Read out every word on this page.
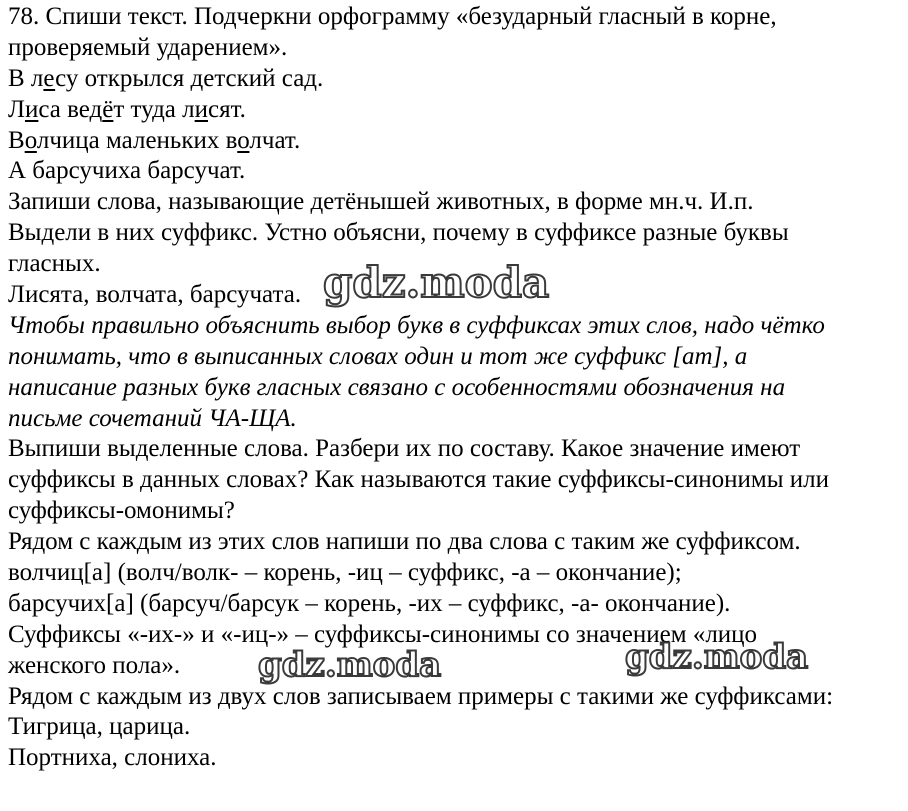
78. Спиши текст. Подчеркни орфограмму «безударный гласный в корне,
проверяемый ударением».
В лесу открылся детский сад.
Лиса ведёт туда лисят.
Волчица маленьких волчат.
А барсучиха барсучат.
Запиши слова, называющие детёнышей животных, в форме мн.ч. И.п.
Выдели в них суффикс. Устно объясни, почему в суффиксе разные буквы
гласных.
Лисята, волчата, барсучата.
Чтобы правильно объяснить выбор букв в суффиксах этих слов, надо чётко
понимать, что в выписанных словах один и тот же суффикс [ат], а
написание разных букв гласных связано с особенностями обозначения на
письме сочетаний ЧА-ЩА.
Выпиши выделенные слова. Разбери их по составу. Какое значение имеют
суффиксы в данных словах? Как называются такие суффиксы-синонимы или
суффиксы-омонимы?
Рядом с каждым из этих слов напиши по два слова с таким же суффиксом.
волчиц[а] (волч/волк- – корень, -иц – суффикс, -а – окончание);
барсучих[а] (барсуч/барсук – корень, -их – суффикс, -а- окончание).
Суффиксы «-их-» и «-иц-» – суффиксы-синонимы со значением «лицо
женского пола».
Рядом с каждым из двух слов записываем примеры с такими же суффиксами:
Тигрица, царица.
Портниха, слониха.
gdz.moda
gdz.moda	gdz.moda
